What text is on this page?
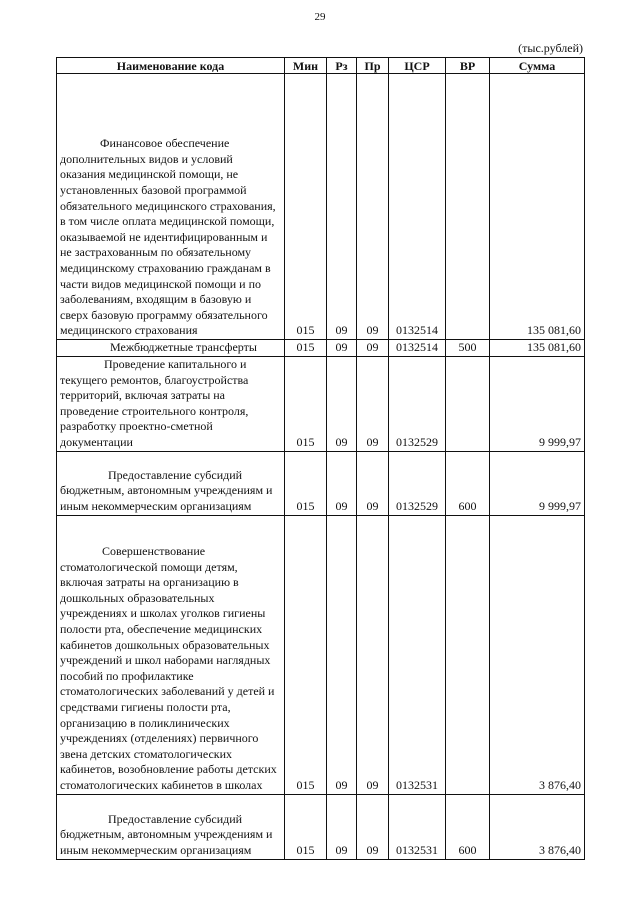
29
(тыс.рублей)
Наименование кода	Мин	Рз	Пр	ЦСР	ВР	Сумма
Финансовое обеспечение дополнительных видов и условий оказания медицинской помощи, не установленных базовой программой обязательного медицинского страхования, в том числе оплата медицинской помощи, оказываемой не идентифицированным и не застрахованным по обязательному медицинскому страхованию гражданам в части видов медицинской помощи и по заболеваниям, входящим в базовую и сверх базовую программу обязательного медицинского страхования	015	09	09	0132514		135 081,60
Межбюджетные трансферты	015	09	09	0132514	500	135 081,60
Проведение капитального и текущего ремонтов, благоустройства территорий, включая затраты на проведение строительного контроля, разработку проектно-сметной документации	015	09	09	0132529		9 999,97
Предоставление субсидий бюджетным, автономным учреждениям и иным некоммерческим организациям	015	09	09	0132529	600	9 999,97
Совершенствование стоматологической помощи детям, включая затраты на организацию в дошкольных образовательных учреждениях и школах уголков гигиены полости рта, обеспечение медицинских кабинетов дошкольных образовательных учреждений и школ наборами наглядных пособий по профилактике стоматологических заболеваний у детей и средствами гигиены полости рта, организацию в поликлинических учреждениях (отделениях) первичного звена детских стоматологических кабинетов, возобновление работы детских стоматологических кабинетов в школах	015	09	09	0132531		3 876,40
Предоставление субсидий бюджетным, автономным учреждениям и иным некоммерческим организациям	015	09	09	0132531	600	3 876,40
